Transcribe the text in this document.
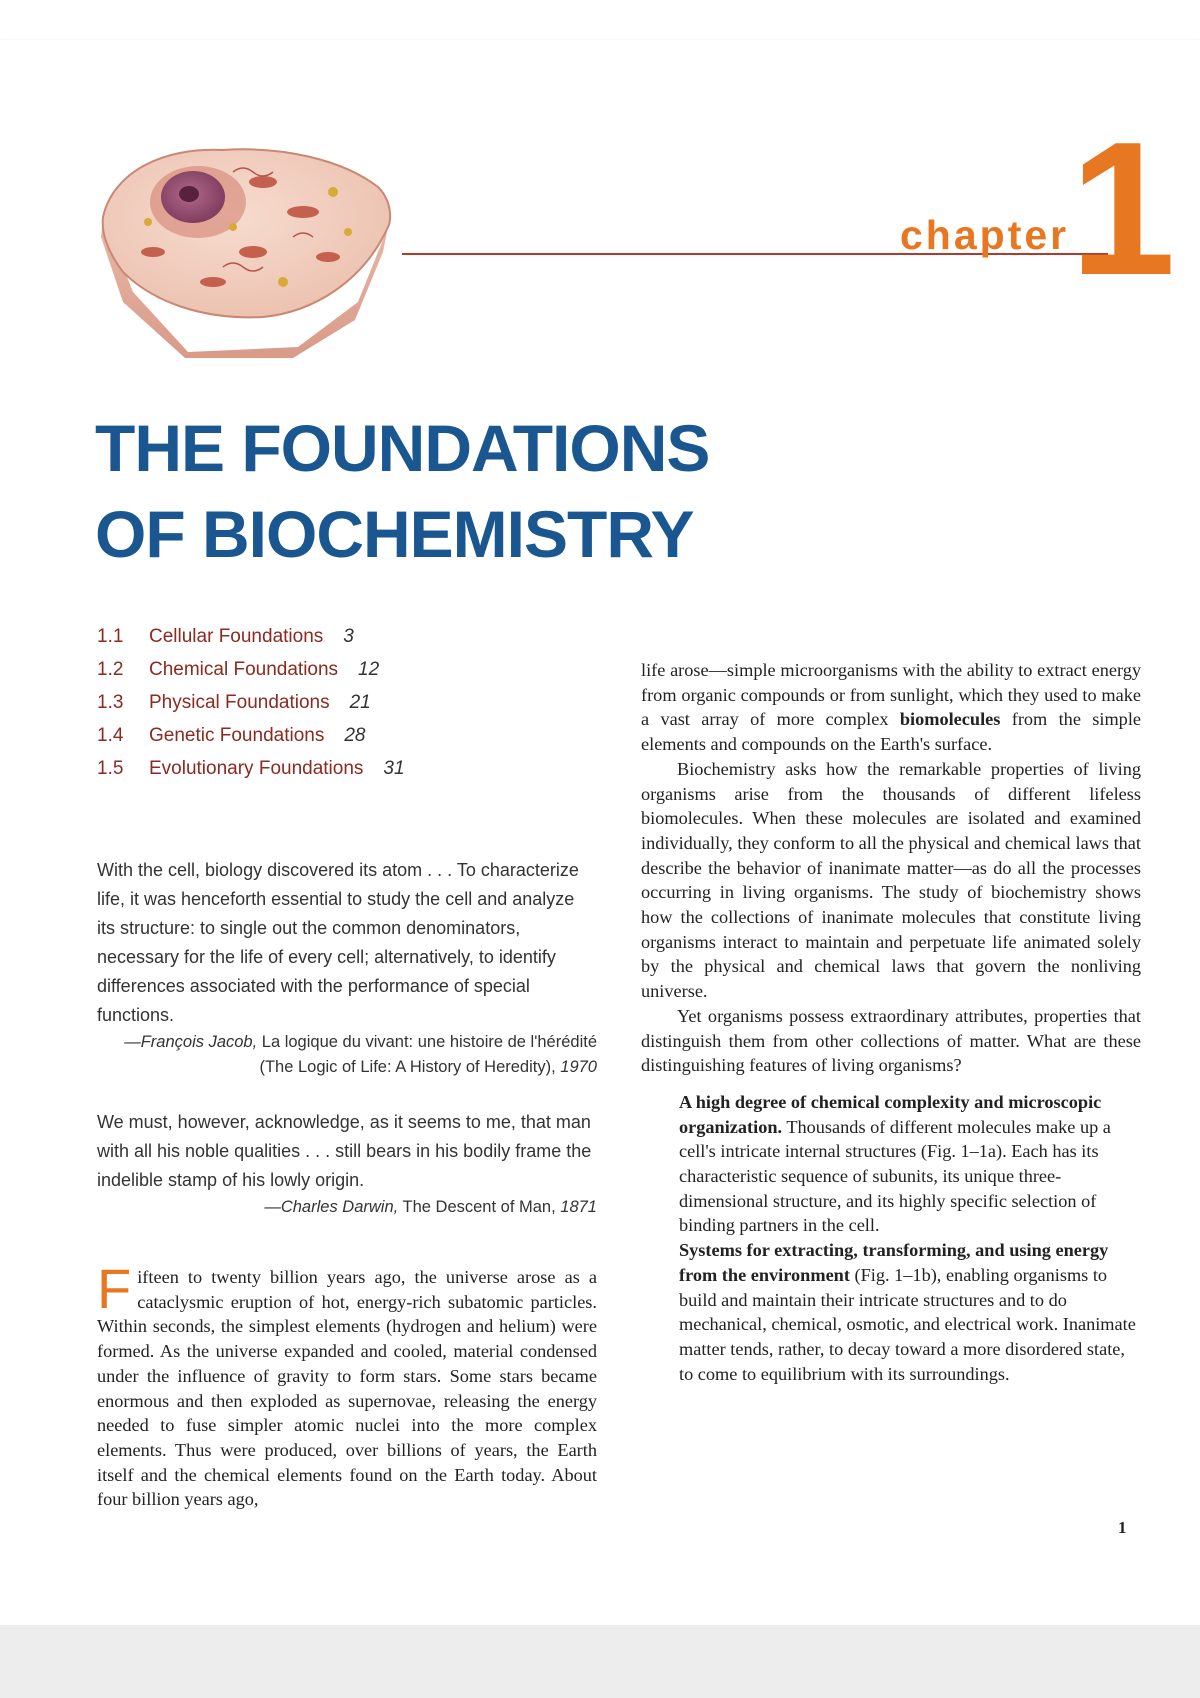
chapter 1
THE FOUNDATIONS
OF BIOCHEMISTRY
1.1 Cellular Foundations 3
1.2 Chemical Foundations 12
1.3 Physical Foundations 21
1.4 Genetic Foundations 28
1.5 Evolutionary Foundations 31
With the cell, biology discovered its atom . . . To characterize life, it was henceforth essential to study the cell and analyze its structure: to single out the common denominators, necessary for the life of every cell; alternatively, to identify differences associated with the performance of special functions.
—François Jacob, La logique du vivant: une histoire de l'hérédité
(The Logic of Life: A History of Heredity), 1970
We must, however, acknowledge, as it seems to me, that man with all his noble qualities . . . still bears in his bodily frame the indelible stamp of his lowly origin.
—Charles Darwin, The Descent of Man, 1871

Fifteen to twenty billion years ago, the universe arose as a cataclysmic eruption of hot, energy-rich subatomic particles. Within seconds, the simplest elements (hydrogen and helium) were formed. As the universe expanded and cooled, material condensed under the influence of gravity to form stars. Some stars became enormous and then exploded as supernovae, releasing the energy needed to fuse simpler atomic nuclei into the more complex elements. Thus were produced, over billions of years, the Earth itself and the chemical elements found on the Earth today. About four billion years ago,

life arose—simple microorganisms with the ability to extract energy from organic compounds or from sunlight, which they used to make a vast array of more complex biomolecules from the simple elements and compounds on the Earth's surface.

Biochemistry asks how the remarkable properties of living organisms arise from the thousands of different lifeless biomolecules. When these molecules are isolated and examined individually, they conform to all the physical and chemical laws that describe the behavior of inanimate matter—as do all the processes occurring in living organisms. The study of biochemistry shows how the collections of inanimate molecules that constitute living organisms interact to maintain and perpetuate life animated solely by the physical and chemical laws that govern the nonliving universe.

Yet organisms possess extraordinary attributes, properties that distinguish them from other collections of matter. What are these distinguishing features of living organisms?

A high degree of chemical complexity and microscopic organization. Thousands of different molecules make up a cell's intricate internal structures (Fig. 1–1a). Each has its characteristic sequence of subunits, its unique three-dimensional structure, and its highly specific selection of binding partners in the cell.

Systems for extracting, transforming, and using energy from the environment (Fig. 1–1b), enabling organisms to build and maintain their intricate structures and to do mechanical, chemical, osmotic, and electrical work. Inanimate matter tends, rather, to decay toward a more disordered state, to come to equilibrium with its surroundings.

1
